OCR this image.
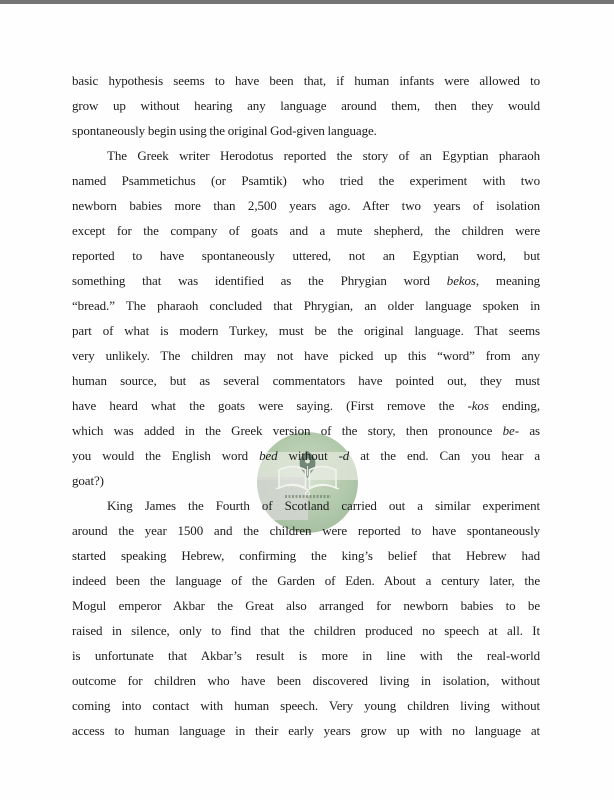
basic hypothesis seems to have been that, if human infants were allowed to
grow up without hearing any language around them, then they would
spontaneously begin using the original God-given language.
The Greek writer Herodotus reported the story of an Egyptian pharaoh
named Psammetichus (or Psamtik) who tried the experiment with two
newborn babies more than 2,500 years ago. After two years of isolation
except for the company of goats and a mute shepherd, the children were
reported to have spontaneously uttered, not an Egyptian word, but
something that was identified as the Phrygian word bekos, meaning
“bread.” The pharaoh concluded that Phrygian, an older language spoken in
part of what is modern Turkey, must be the original language. That seems
very unlikely. The children may not have picked up this “word” from any
human source, but as several commentators have pointed out, they must
have heard what the goats were saying. (First remove the -kos ending,
which was added in the Greek version of the story, then pronounce be- as
you would the English word bed without -d at the end. Can you hear a
goat?)
King James the Fourth of Scotland carried out a similar experiment
around the year 1500 and the children were reported to have spontaneously
started speaking Hebrew, confirming the king’s belief that Hebrew had
indeed been the language of the Garden of Eden. About a century later, the
Mogul emperor Akbar the Great also arranged for newborn babies to be
raised in silence, only to find that the children produced no speech at all. It
is unfortunate that Akbar’s result is more in line with the real-world
outcome for children who have been discovered living in isolation, without
coming into contact with human speech. Very young children living without
access to human language in their early years grow up with no language at
